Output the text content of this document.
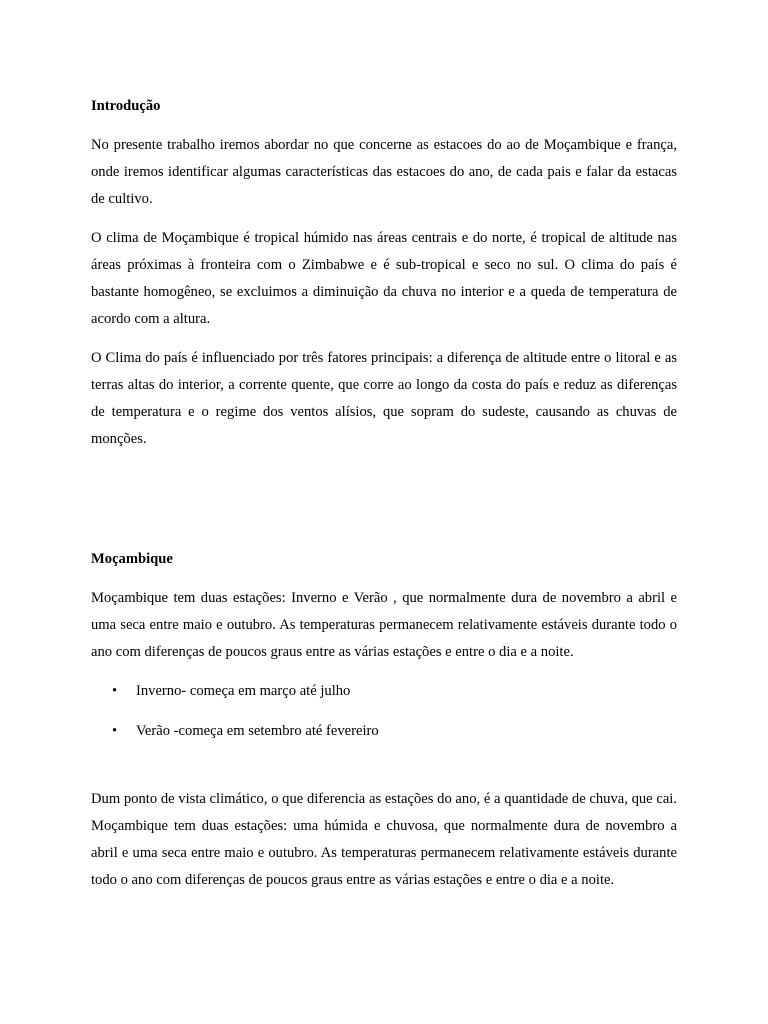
Introdução

No presente trabalho iremos abordar no que concerne as estacoes do ao de Moçambique e frança, onde iremos identificar algumas características das estacoes do ano, de cada pais e falar da estacas de cultivo.

O clima de Moçambique é tropical húmido nas áreas centrais e do norte, é tropical de altitude nas áreas próximas à fronteira com o Zimbabwe e é sub-tropical e seco no sul. O clima do país é bastante homogêneo, se excluimos a diminuição da chuva no interior e a queda de temperatura de acordo com a altura.

O Clima do país é influenciado por três fatores principais: a diferença de altitude entre o litoral e as terras altas do interior, a corrente quente, que corre ao longo da costa do país e reduz as diferenças de temperatura e o regime dos ventos alísios, que sopram do sudeste, causando as chuvas de monções.

Moçambique

Moçambique tem duas estações: Inverno e Verão , que normalmente dura de novembro a abril e uma seca entre maio e outubro. As temperaturas permanecem relativamente estáveis durante todo o ano com diferenças de poucos graus entre as várias estações e entre o dia e a noite.

• Inverno- começa em março até julho
• Verão -começa em setembro até fevereiro

Dum ponto de vista climático, o que diferencia as estações do ano, é a quantidade de chuva, que cai. Moçambique tem duas estações: uma húmida e chuvosa, que normalmente dura de novembro a abril e uma seca entre maio e outubro. As temperaturas permanecem relativamente estáveis durante todo o ano com diferenças de poucos graus entre as várias estações e entre o dia e a noite.
